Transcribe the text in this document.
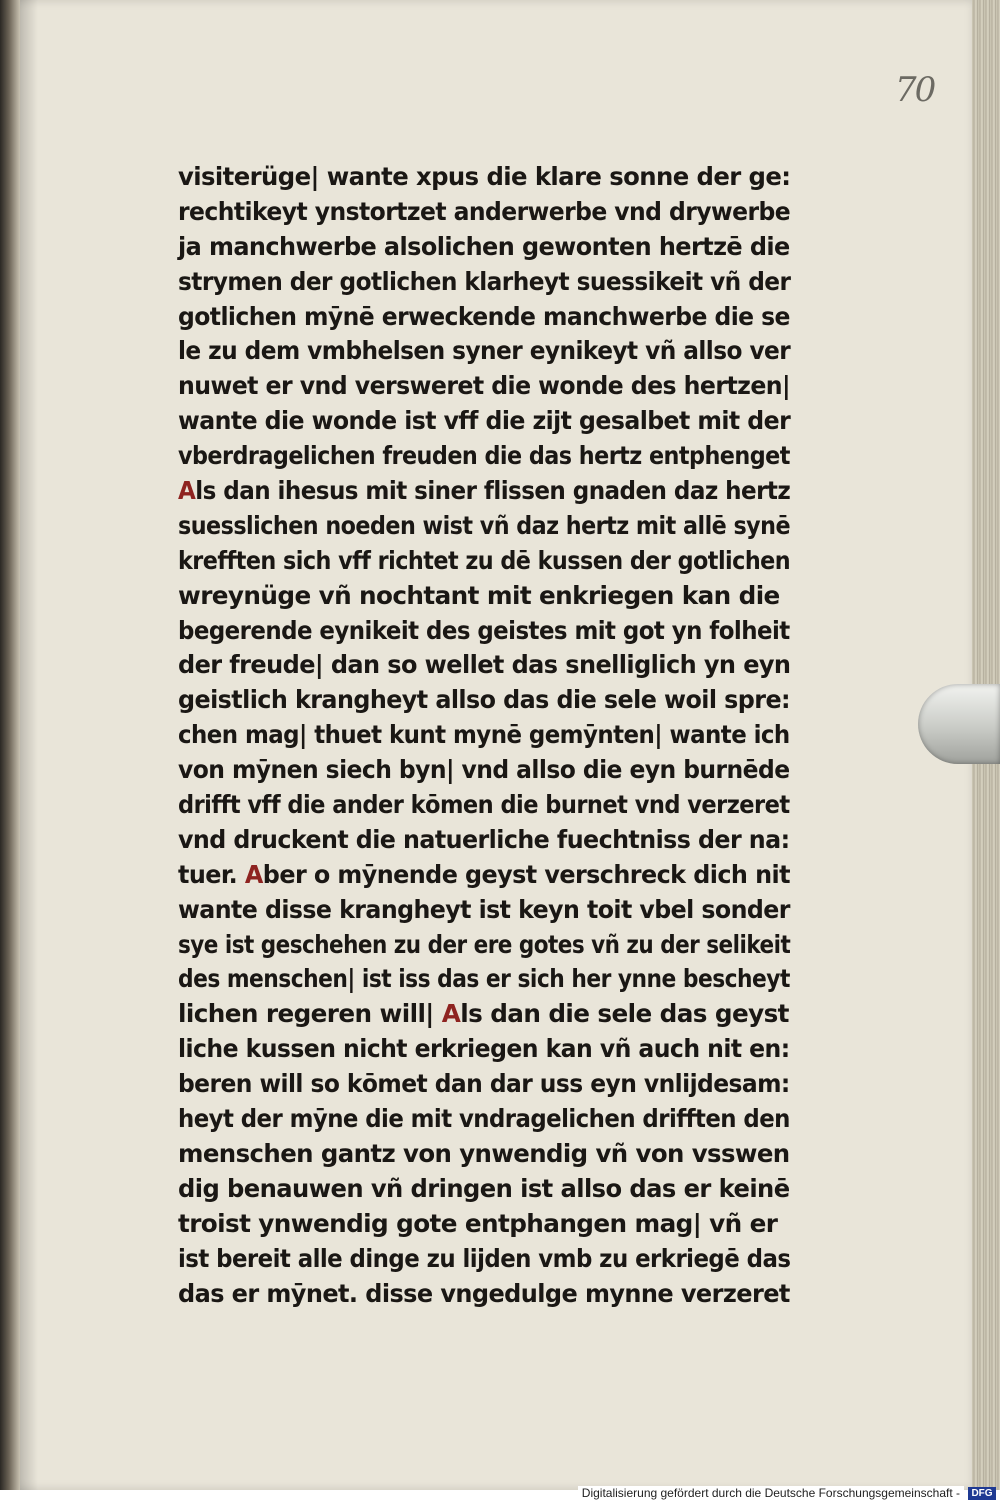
70
visiterüge| wante xpus die klare sonne der ge:
rechtikeyt ynstortzet anderwerbe vnd drywerbe
ja manchwerbe alsolichen gewonten hertzē die
strymen der gotlichen klarheyt suessikeit vñ der
gotlichen mȳnē erweckende manchwerbe die se
le zu dem vmbhelsen syner eynikeyt vñ allso ver
nuwet er vnd versweret die wonde des hertzen|
wante die wonde ist vff die zijt gesalbet mit der
vberdragelichen freuden die das hertz entphenget
Als dan ihesus mit siner flissen gnaden daz hertz
suesslichen noeden wist vñ daz hertz mit allē synē
krefften sich vff richtet zu dē kussen der gotlichen
wreynüge vñ nochtant mit enkriegen kan die
begerende eynikeit des geistes mit got yn folheit
der freude| dan so wellet das snelliglich yn eyn
geistlich krangheyt allso das die sele woil spre:
chen mag| thuet kunt mynē gemȳnten| wante ich
von mȳnen siech byn| vnd allso die eyn burnēde
drifft vff die ander kōmen die burnet vnd verzeret
vnd druckent die natuerliche fuechtniss der na:
tuer. Aber o mȳnende geyst verschreck dich nit
wante disse krangheyt ist keyn toit vbel sonder
sye ist geschehen zu der ere gotes vñ zu der selikeit
des menschen| ist iss das er sich her ynne bescheyt
lichen regeren will| Als dan die sele das geyst
liche kussen nicht erkriegen kan vñ auch nit en:
beren will so kōmet dan dar uss eyn vnlijdesam:
heyt der mȳne die mit vndragelichen drifften den
menschen gantz von ynwendig vñ von vsswen
dig benauwen vñ dringen ist allso das er keinē
troist ynwendig gote entphangen mag| vñ er
ist bereit alle dinge zu lijden vmb zu erkriegē das
das er mȳnet. disse vngedulge mynne verzeret
Digitalisierung gefördert durch die Deutsche Forschungsgemeinschaft -	DFG
